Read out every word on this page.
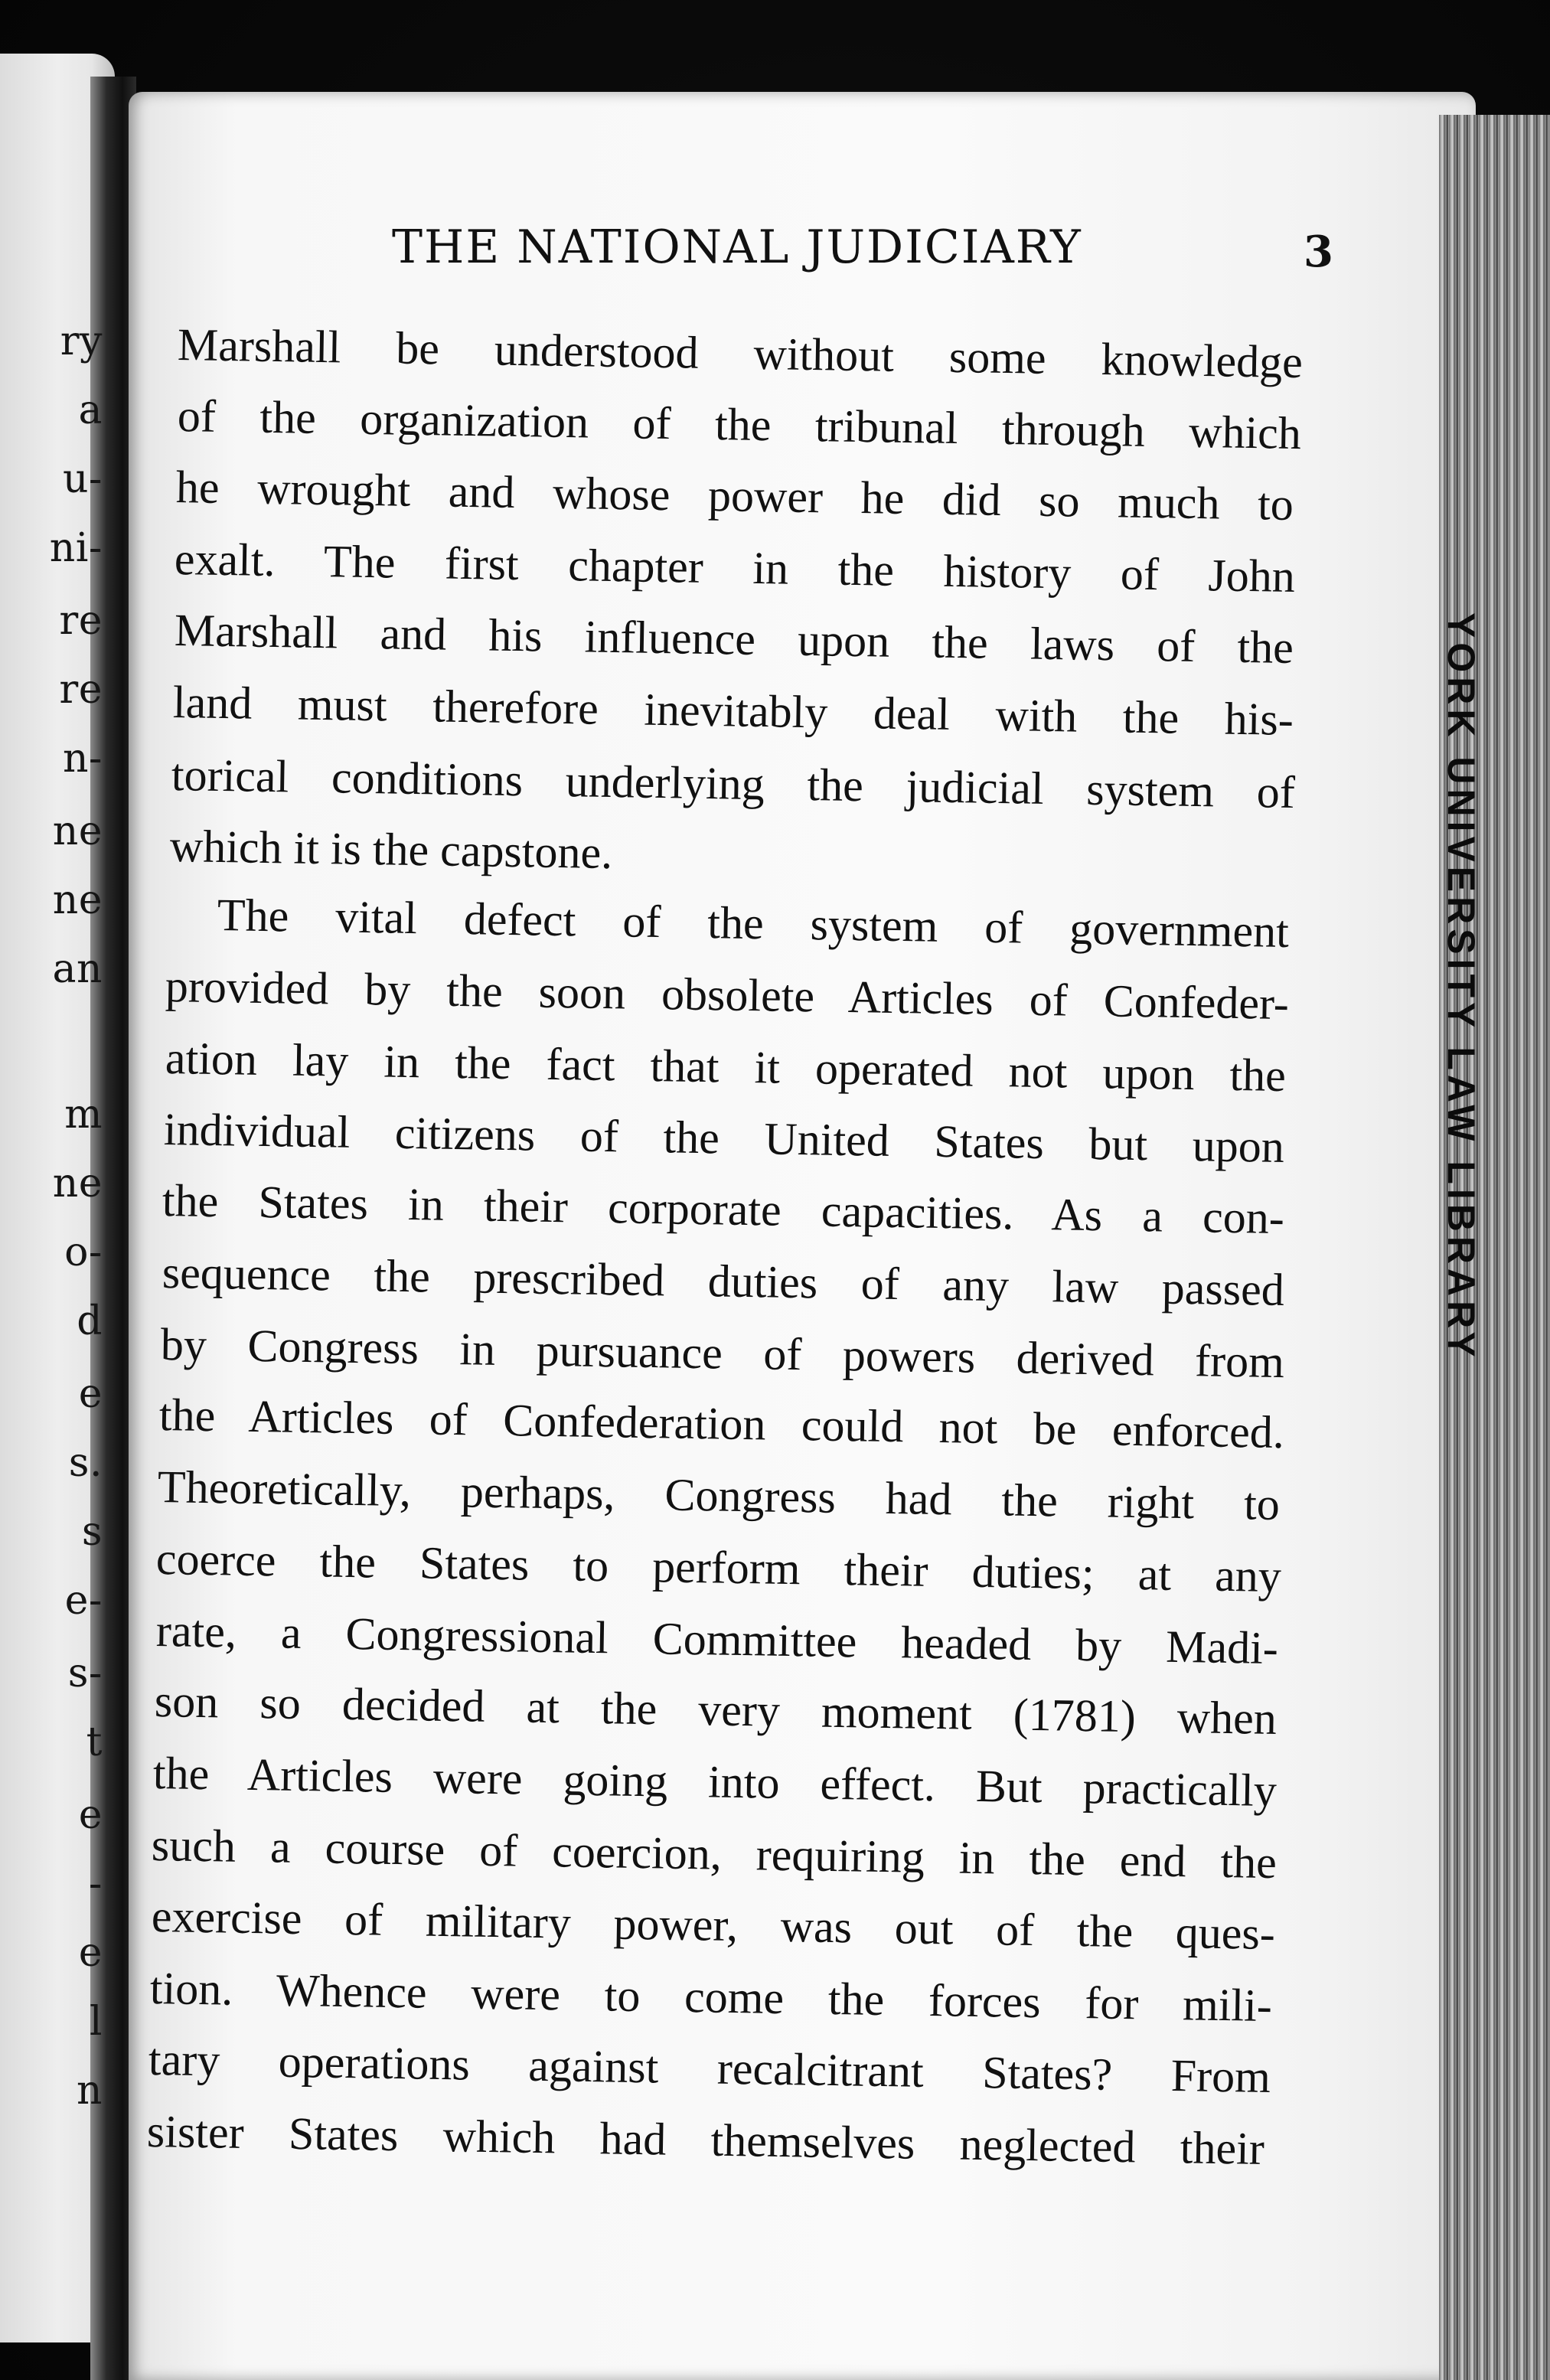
ry
a
u-
ni-
re
re
n-
ne
ne
an
m
ne
o-
d
e
s.
s
e-
s-
t
e
-
e
l
n
THE NATIONAL JUDICIARY	3
Marshall be understood without some knowledge
of the organization of the tribunal through which
he wrought and whose power he did so much to
exalt. The first chapter in the history of John
Marshall and his influence upon the laws of the
land must therefore inevitably deal with the his-
torical conditions underlying the judicial system of
which it is the capstone.
The vital defect of the system of government
provided by the soon obsolete Articles of Confeder-
ation lay in the fact that it operated not upon the
individual citizens of the United States but upon
the States in their corporate capacities. As a con-
sequence the prescribed duties of any law passed
by Congress in pursuance of powers derived from
the Articles of Confederation could not be enforced.
Theoretically, perhaps, Congress had the right to
coerce the States to perform their duties; at any
rate, a Congressional Committee headed by Madi-
son so decided at the very moment (1781) when
the Articles were going into effect. But practically
such a course of coercion, requiring in the end the
exercise of military power, was out of the ques-
tion. Whence were to come the forces for mili-
tary operations against recalcitrant States? From
sister States which had themselves neglected their
YORK UNIVERSITY LAW LIBRARY
